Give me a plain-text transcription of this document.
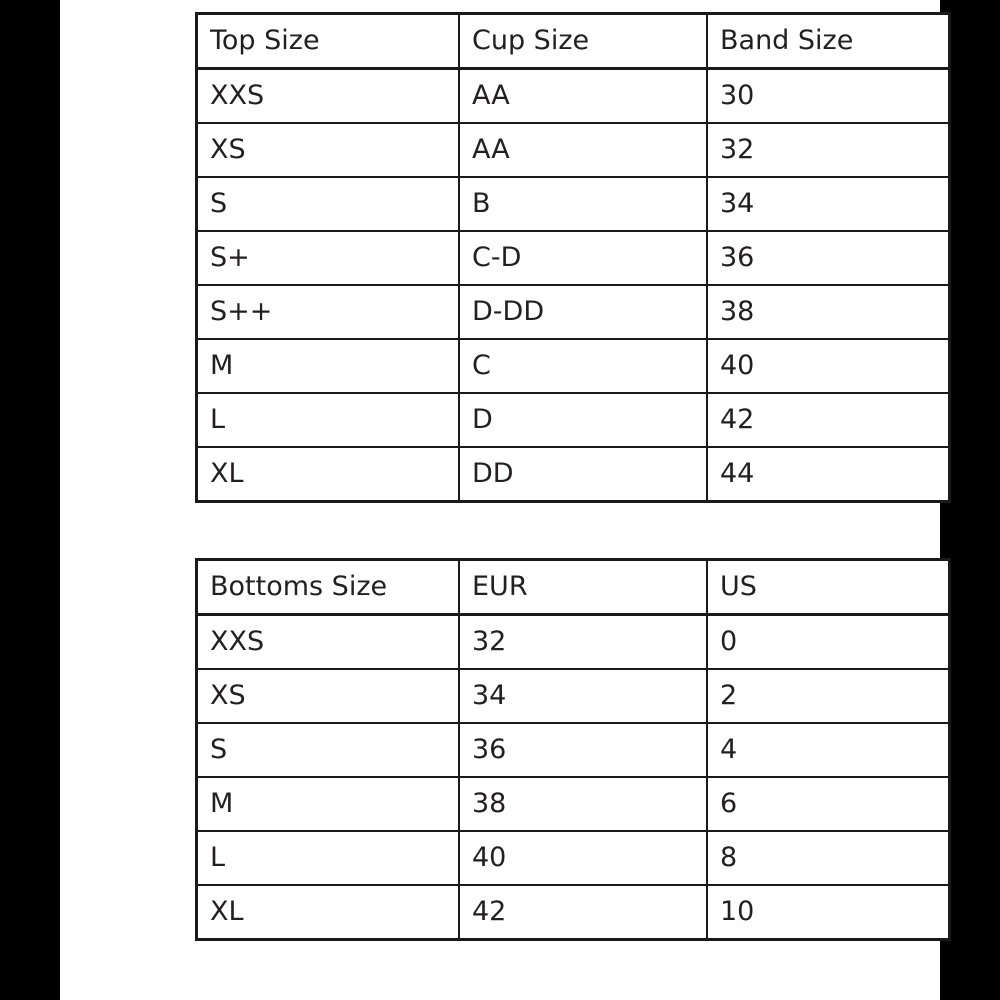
Top Size	Cup Size	Band Size
XXS	AA	30
XS	AA	32
S	B	34
S+	C-D	36
S++	D-DD	38
M	C	40
L	D	42
XL	DD	44
Bottoms Size	EUR	US
XXS	32	0
XS	34	2
S	36	4
M	38	6
L	40	8
XL	42	10
